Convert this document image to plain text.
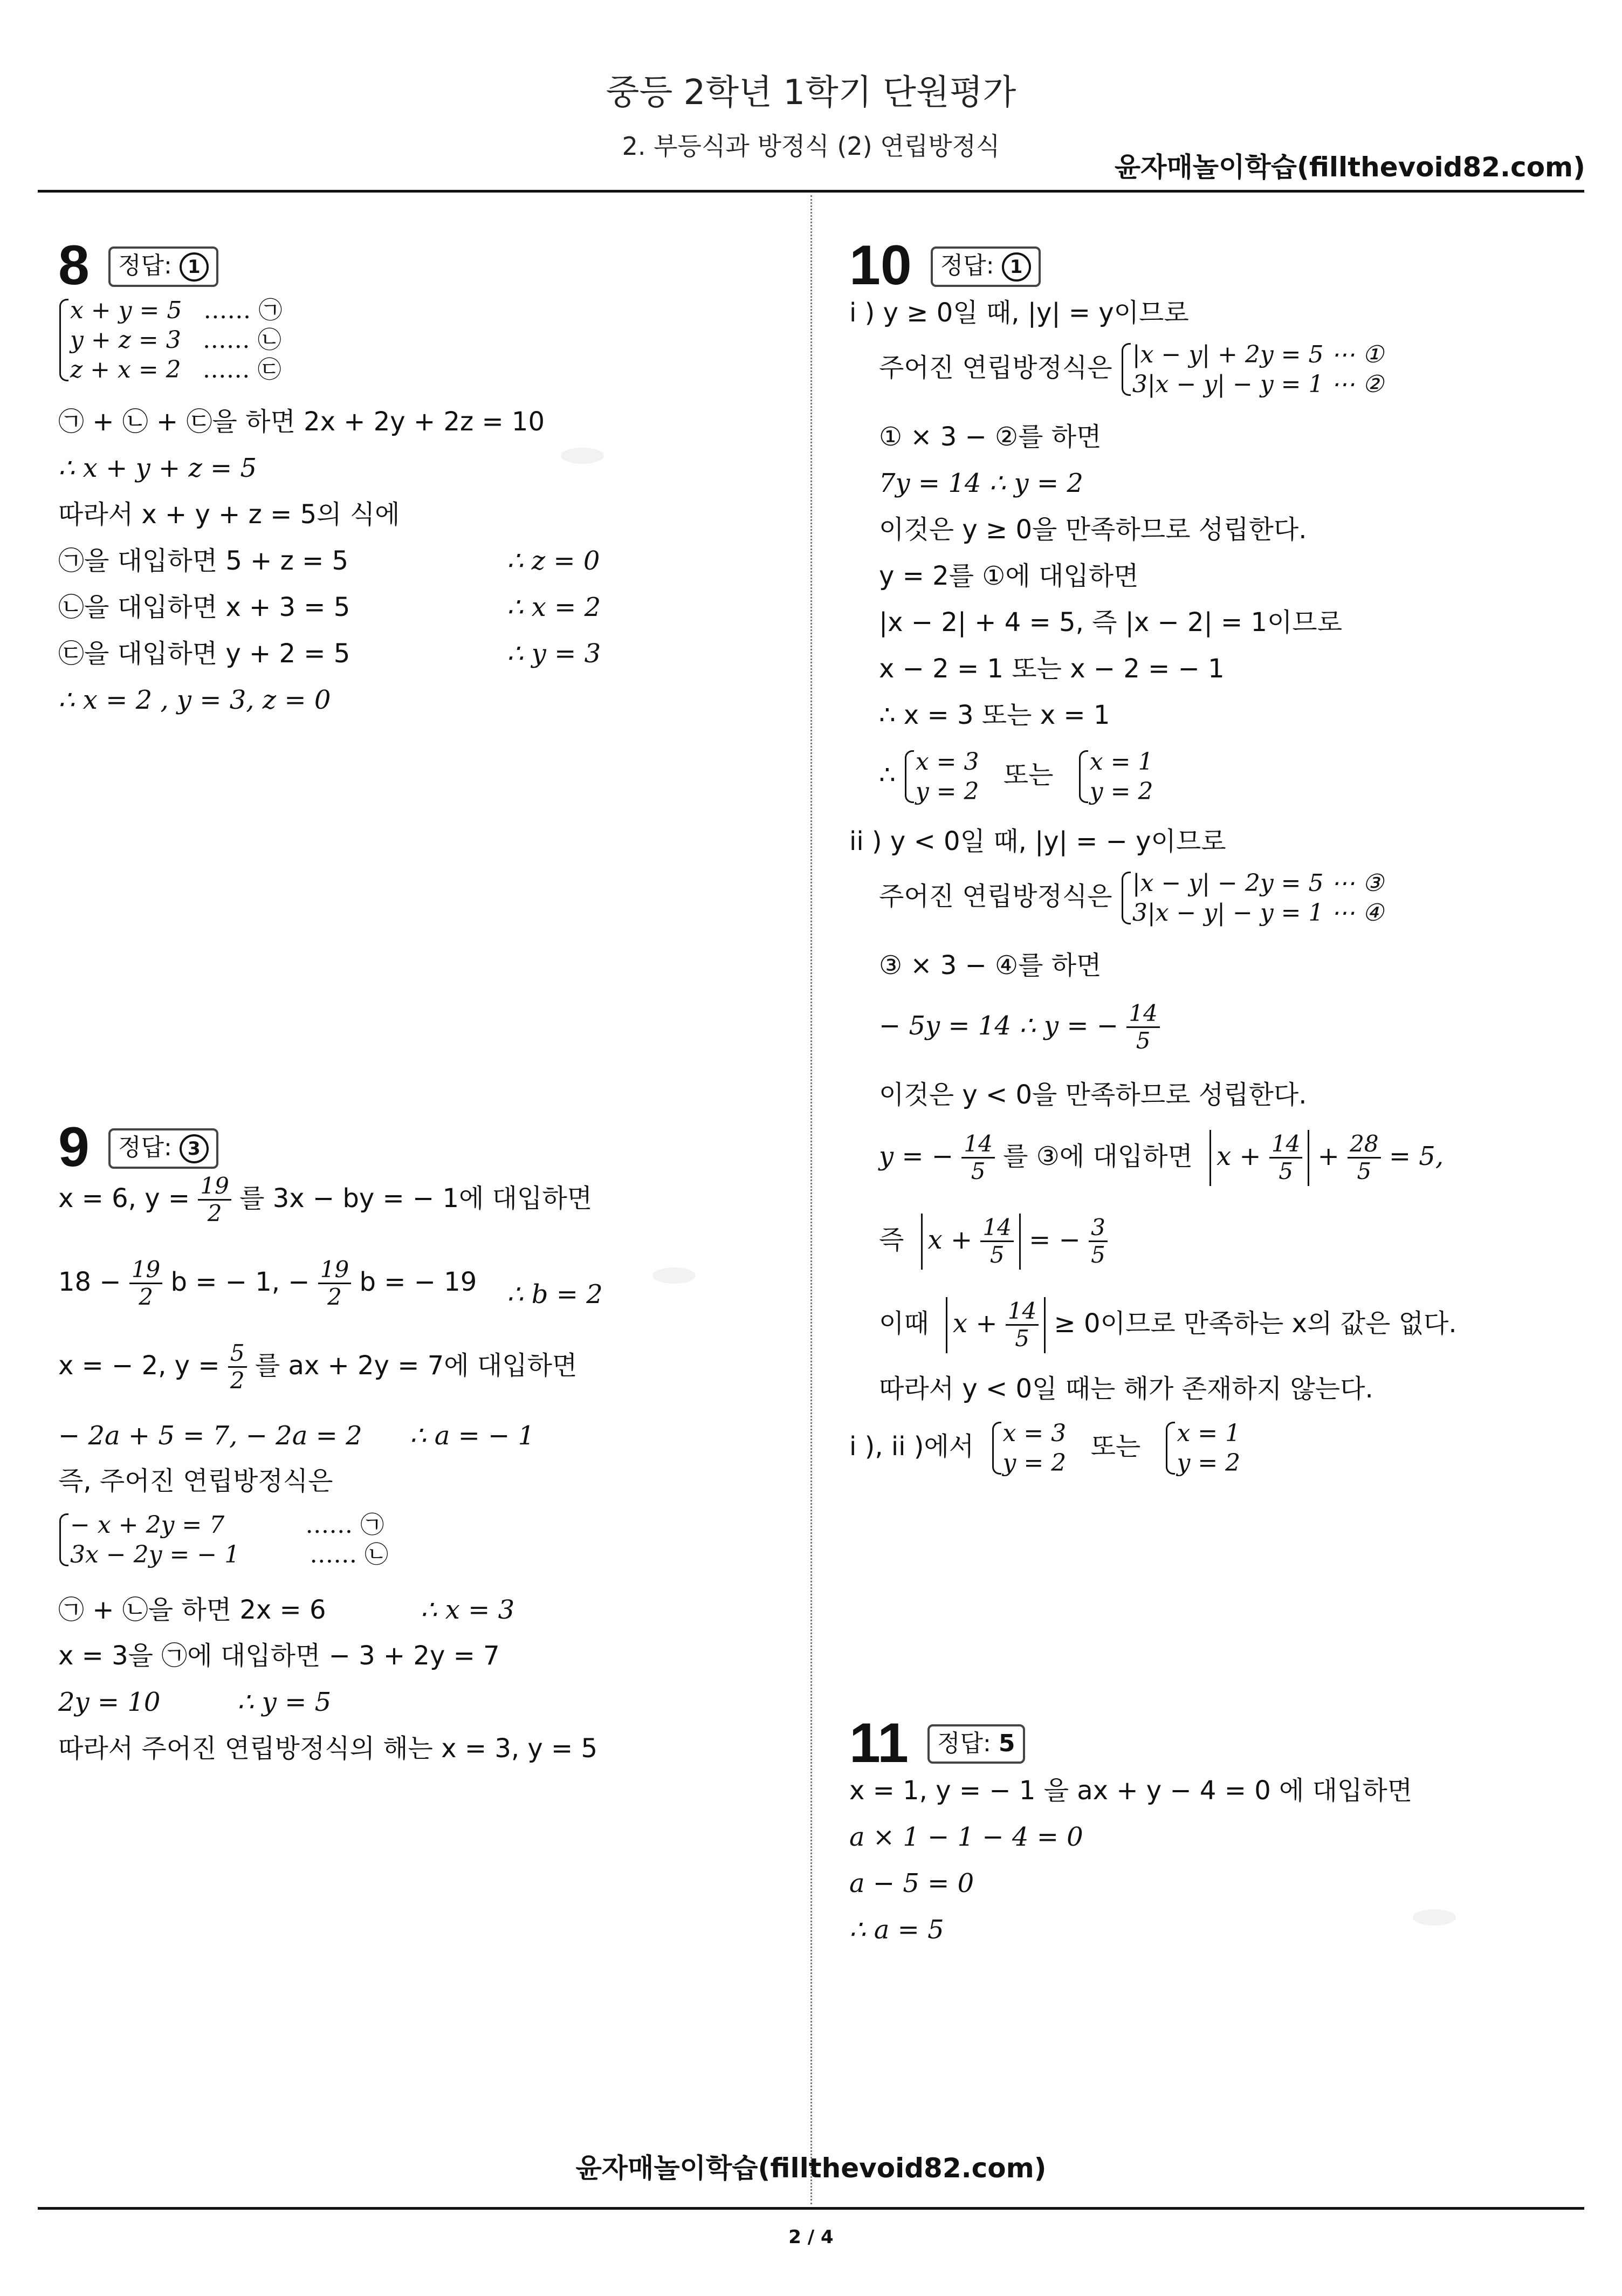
중등 2학년 1학기 단원평가
2. 부등식과 방정식 (2) 연립방정식
윤자매놀이학습(fillthevoid82.com)
8 정답: 1
x + y = 5 …… ㉠
y + z = 3 …… ㉡
z + x = 2 …… ㉢
㉠ + ㉡ + ㉢을 하면 2x + 2y + 2z = 10
∴ x + y + z = 5
따라서 x + y + z = 5의 식에
㉠을 대입하면 5 + z = 5	∴ z = 0
㉡을 대입하면 x + 3 = 5	∴ x = 2
㉢을 대입하면 y + 2 = 5	∴ y = 3
∴ x = 2 , y = 3, z = 0
9 정답: 3
x = 6, $y = \frac{19}{2}$ 를 3x − by = − 1에 대입하면
$18 - \frac{19}{2}$ b = − 1, − $\frac{19}{2}$ b = − 19 ∴ b = 2
x = − 2, $y = \frac{5}{2}$ 를 ax + 2y = 7에 대입하면
− 2a + 5 = 7, − 2a = 2 ∴ a = − 1
즉, 주어진 연립방정식은
− x + 2y = 7	…… ㉠
3x − 2y = − 1	…… ㉡
㉠ + ㉡을 하면 2x = 6	∴ x = 3
x = 3을 ㉠에 대입하면 − 3 + 2y = 7
2y = 10	∴ y = 5
따라서 주어진 연립방정식의 해는 x = 3, y = 5
10 정답: 1
i ) y ≥ 0일 때, |y| = y이므로
주어진 연립방정식은 |x − y| + 2y = 5 ⋯ ①
3|x − y| − y = 1 ⋯ ②
① × 3 − ②를 하면
7y = 14 ∴ y = 2
이것은 y ≥ 0을 만족하므로 성립한다.
y = 2를 ①에 대입하면
|x − 2| + 4 = 5, 즉 |x − 2| = 1이므로
x − 2 = 1 또는 x − 2 = − 1
∴ x = 3 또는 x = 1
∴ x = 3
y = 2
또는 x = 1
y = 2
ii ) y < 0일 때, |y| = − y이므로
주어진 연립방정식은 |x − y| − 2y = 5 ⋯ ③
3|x − y| − y = 1 ⋯ ④
③ × 3 − ④를 하면
− 5y = 14 ∴ y = − $\frac{14}{5}$
이것은 y < 0을 만족하므로 성립한다.
y = − $\frac{14}{5}$ 를 ③에 대입하면 $x + \frac{14}{5} + \frac{28}{5} = 5$,
즉 $x + \frac{14}{5}$ = − $\frac{3}{5}$
이때 $x + \frac{14}{5} \ge 0$이므로 만족하는 x의 값은 없다.
따라서 y < 0일 때는 해가 존재하지 않는다.
i ), ii )에서 x = 3
y = 2
또는 x = 1
y = 2
11 정답: 5
x = 1, y = − 1 을 ax + y − 4 = 0 에 대입하면
a × 1 − 1 − 4 = 0
a − 5 = 0
∴ a = 5
윤자매놀이학습(fillthevoid82.com)
2 / 4
